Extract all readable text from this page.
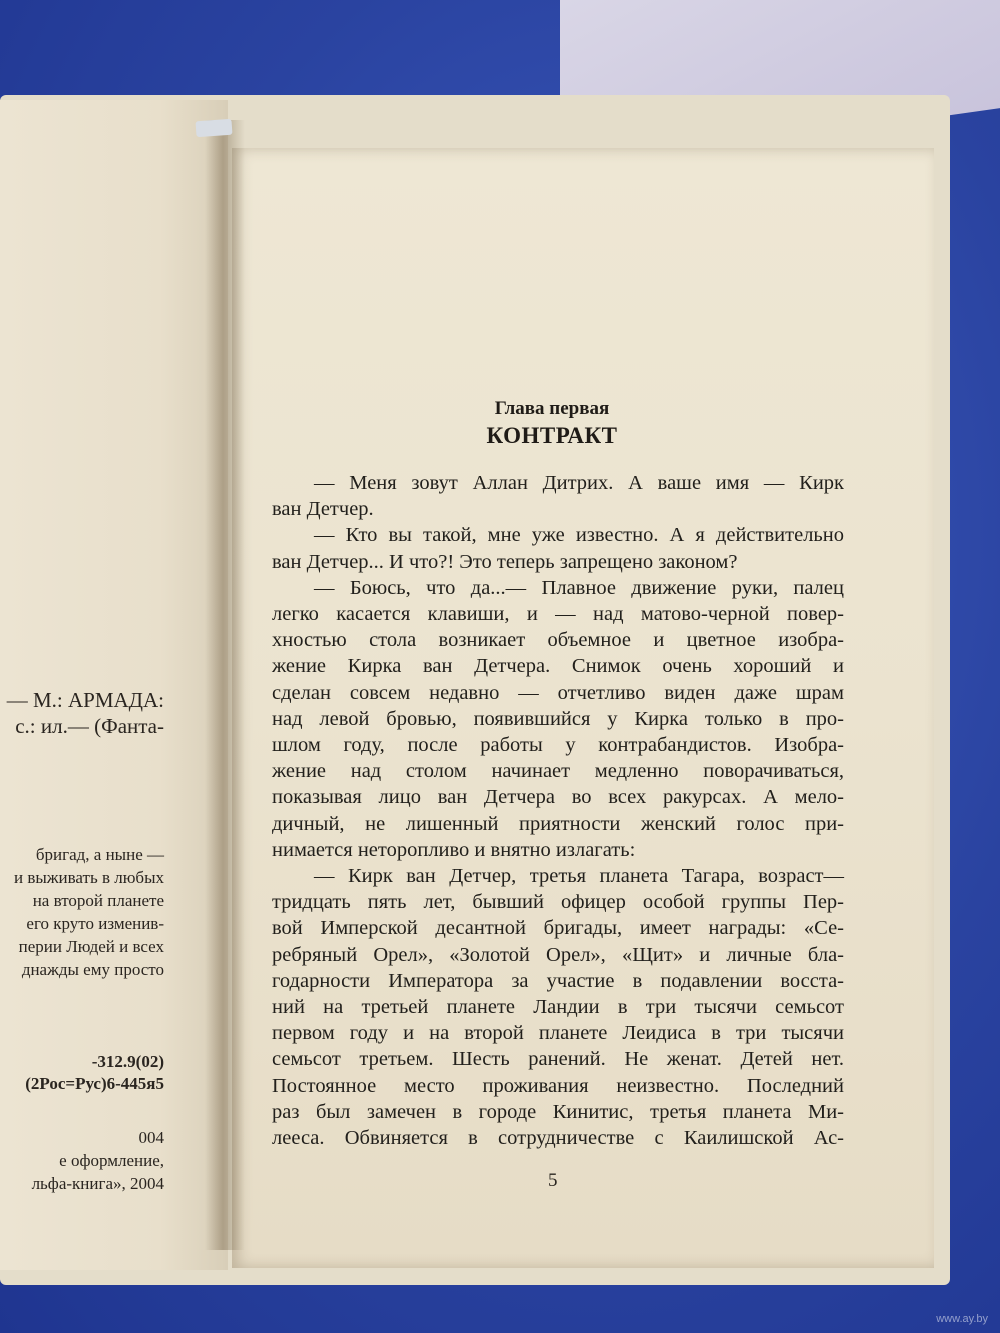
— М.: АРМАДА:
с.: ил.— (Фанта-
бригад, а ныне —
и выживать в любых
на второй планете
его круто изменив-
перии Людей и всех
днажды ему просто
-312.9(02)
(2Рос=Рус)6-445я5
004
е оформление,
льфа-книга», 2004
Глава первая
КОНТРАКТ
— Меня зовут Аллан Дитрих. А ваше имя — Кирк
ван Детчер.
— Кто вы такой, мне уже известно. А я действительно
ван Детчер... И что?! Это теперь запрещено законом?
— Боюсь, что да...— Плавное движение руки, палец
легко касается клавиши, и — над матово-черной повер-
хностью стола возникает объемное и цветное изобра-
жение Кирка ван Детчера. Снимок очень хороший и
сделан совсем недавно — отчетливо виден даже шрам
над левой бровью, появившийся у Кирка только в про-
шлом году, после работы у контрабандистов. Изобра-
жение над столом начинает медленно поворачиваться,
показывая лицо ван Детчера во всех ракурсах. А мело-
дичный, не лишенный приятности женский голос при-
нимается неторопливо и внятно излагать:
— Кирк ван Детчер, третья планета Тагара, возраст—
тридцать пять лет, бывший офицер особой группы Пер-
вой Имперской десантной бригады, имеет награды: «Се-
ребряный Орел», «Золотой Орел», «Щит» и личные бла-
годарности Императора за участие в подавлении восста-
ний на третьей планете Ландии в три тысячи семьсот
первом году и на второй планете Леидиса в три тысячи
семьсот третьем. Шесть ранений. Не женат. Детей нет.
Постоянное место проживания неизвестно. Последний
раз был замечен в городе Кинитис, третья планета Ми-
лееса. Обвиняется в сотрудничестве с Каилишской Ас-
5
www.ay.by
